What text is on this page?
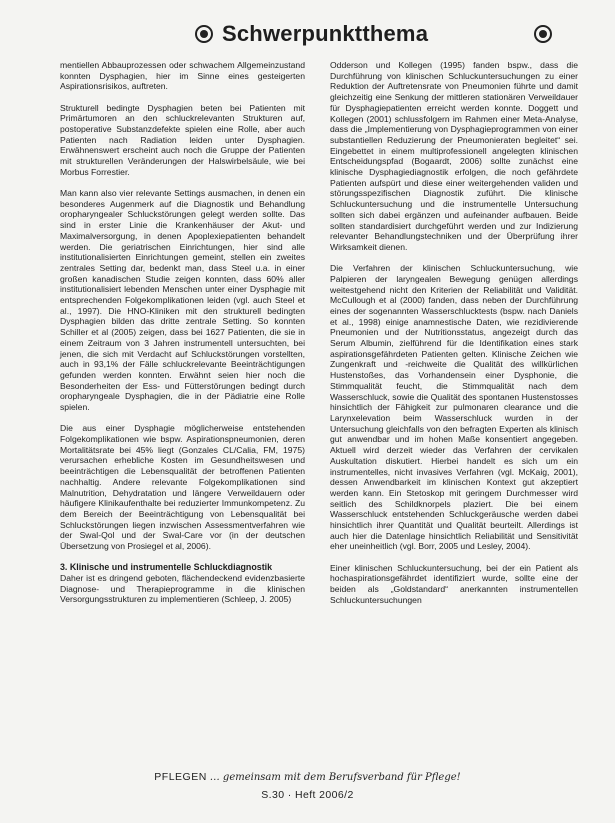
Schwerpunktthema

mentiellen Abbauprozessen oder schwachem Allgemeinzustand konnten Dysphagien, hier im Sinne eines gesteigerten Aspirationsrisikos, auftreten.

Strukturell bedingte Dysphagien beten bei Patienten mit Primärtumoren an den schluckrelevanten Strukturen auf, postoperative Substanzdefekte spielen eine Rolle, aber auch Patienten nach Radiation leiden unter Dysphagien. Erwähnenswert erscheint auch noch die Gruppe der Patienten mit strukturellen Veränderungen der Halswirbelsäule, wie bei Morbus Forrestier.

Man kann also vier relevante Settings ausmachen, in denen ein besonderes Augenmerk auf die Diagnostik und Behandlung oropharyngealer Schluckstörungen gelegt werden sollte. Das sind in erster Linie die Krankenhäuser der Akut- und Maximalversorgung, in denen Apoplexiepatienten behandelt werden. Die geriatrischen Einrichtungen, hier sind alle institutionalisierten Einrichtungen gemeint, stellen ein zweites zentrales Setting dar, bedenkt man, dass Steel u.a. in einer großen kanadischen Studie zeigen konnten, dass 60% aller institutionalisiert lebenden Menschen unter einer Dysphagie mit entsprechenden Folgekomplikationen leiden (vgl. auch Steel et al., 1997). Die HNO-Kliniken mit den strukturell bedingten Dysphagien bilden das dritte zentrale Setting. So konnten Schiller et al (2005) zeigen, dass bei 1627 Patienten, die sie in einem Zeitraum von 3 Jahren instrumentell untersuchten, bei jenen, die sich mit Verdacht auf Schluckstörungen vorstellten, auch in 93,1% der Fälle schluckrelevante Beeinträchtigungen gefunden werden konnten. Erwähnt seien hier noch die Besonderheiten der Ess- und Fütterstörungen bedingt durch oropharyngeale Dysphagien, die in der Pädiatrie eine Rolle spielen.

Die aus einer Dysphagie möglicherweise entstehenden Folgekomplikationen wie bspw. Aspirationspneumonien, deren Mortalitätsrate bei 45% liegt (Gonzales CL/Calia, FM, 1975) verursachen erhebliche Kosten im Gesundheitswesen und beeinträchtigen die Lebensqualität der betroffenen Patienten nachhaltig. Andere relevante Folgekomplikationen sind Malnutrition, Dehydratation und längere Verweildauern oder häufigere Klinikaufenthalte bei reduzierter Immunkompetenz. Zu dem Bereich der Beeinträchtigung von Lebensqualität bei Schluckstörungen liegen inzwischen Assessmentverfahren wie der Swal-Qol und der Swal-Care vor (in der deutschen Übersetzung von Prosiegel et al, 2006).

3. Klinische und instrumentelle Schluckdiagnostik

Daher ist es dringend geboten, flächendeckend evidenzbasierte Diagnose- und Therapieprogramme in die klinischen Versorgungsstrukturen zu implementieren (Schleep, J. 2005)

Odderson und Kollegen (1995) fanden bspw., dass die Durchführung von klinischen Schluckuntersuchungen zu einer Reduktion der Auftretensrate von Pneumonien führte und damit gleichzeitig eine Senkung der mittleren stationären Verweildauer für Dysphagiepatienten erreicht werden konnte. Doggett und Kollegen (2001) schlussfolgern im Rahmen einer Meta-Analyse, dass die „Implementierung von Dysphagieprogrammen von einer substantiellen Reduzierung der Pneumonieraten begleitet“ sei. Eingebettet in einem multiprofessionell angelegten klinischen Entscheidungspfad (Bogaardt, 2006) sollte zunächst eine klinische Dysphagiediagnostik erfolgen, die noch gefährdete Patienten aufspürt und diese einer weitergehenden validen und störungsspezifischen Diagnostik zuführt. Die klinische Schluckuntersuchung und die instrumentelle Untersuchung sollten sich dabei ergänzen und aufeinander aufbauen. Beide sollten standardisiert durchgeführt werden und zur Indizierung relevanter Behandlungstechniken und der Überprüfung ihrer Wirksamkeit dienen.

Die Verfahren der klinischen Schluckuntersuchung, wie Palpieren der laryngealen Bewegung genügen allerdings weitestgehend nicht den Kriterien der Reliabilität und Validität. McCullough et al (2000) fanden, dass neben der Durchführung eines der sogenannten Wasserschlucktests (bspw. nach Daniels et al., 1998) einige anamnestische Daten, wie rezidivierende Pneumonien und der Nutritionsstatus, angezeigt durch das Serum Albumin, zielführend für die Identifikation eines stark aspirationsgefährdeten Patienten gelten. Klinische Zeichen wie Zungenkraft und -reichweite die Qualität des willkürlichen Hustenstoßes, das Vorhandensein einer Dysphonie, die Stimmqualität feucht, die Stimmqualität nach dem Wasserschluck, sowie die Qualität des spontanen Hustenstosses hinsichtlich der Fähigkeit zur pulmonaren clearance und die Larynxelevation beim Wasserschluck wurden in der Untersuchung gleichfalls von den befragten Experten als klinisch gut anwendbar und im hohen Maße konsentiert angegeben. Aktuell wird derzeit wieder das Verfahren der cervikalen Auskultation diskutiert. Hierbei handelt es sich um ein instrumentelles, nicht invasives Verfahren (vgl. McKaig, 2001), dessen Anwendbarkeit im klinischen Kontext gut akzeptiert werden kann. Ein Stetoskop mit geringem Durchmesser wird seitlich des Schildknorpels plaziert. Die bei einem Wasserschluck entstehenden Schluckgeräusche werden dabei hinsichtlich ihrer Quantität und Qualität beurteilt. Allerdings ist auch hier die Datenlage hinsichtlich Reliabilität und Sensitivität eher uneinheitlich (vgl. Borr, 2005 und Lesley, 2004).

Einer klinischen Schluckuntersuchung, bei der ein Patient als hochaspirationsgefährdet identifiziert wurde, sollte eine der beiden als „Goldstandard“ anerkannten instrumentellen Schluckuntersuchungen

PFLEGEN … gemeinsam mit dem Berufsverband für Pflege!
S.30 · Heft 2006/2
